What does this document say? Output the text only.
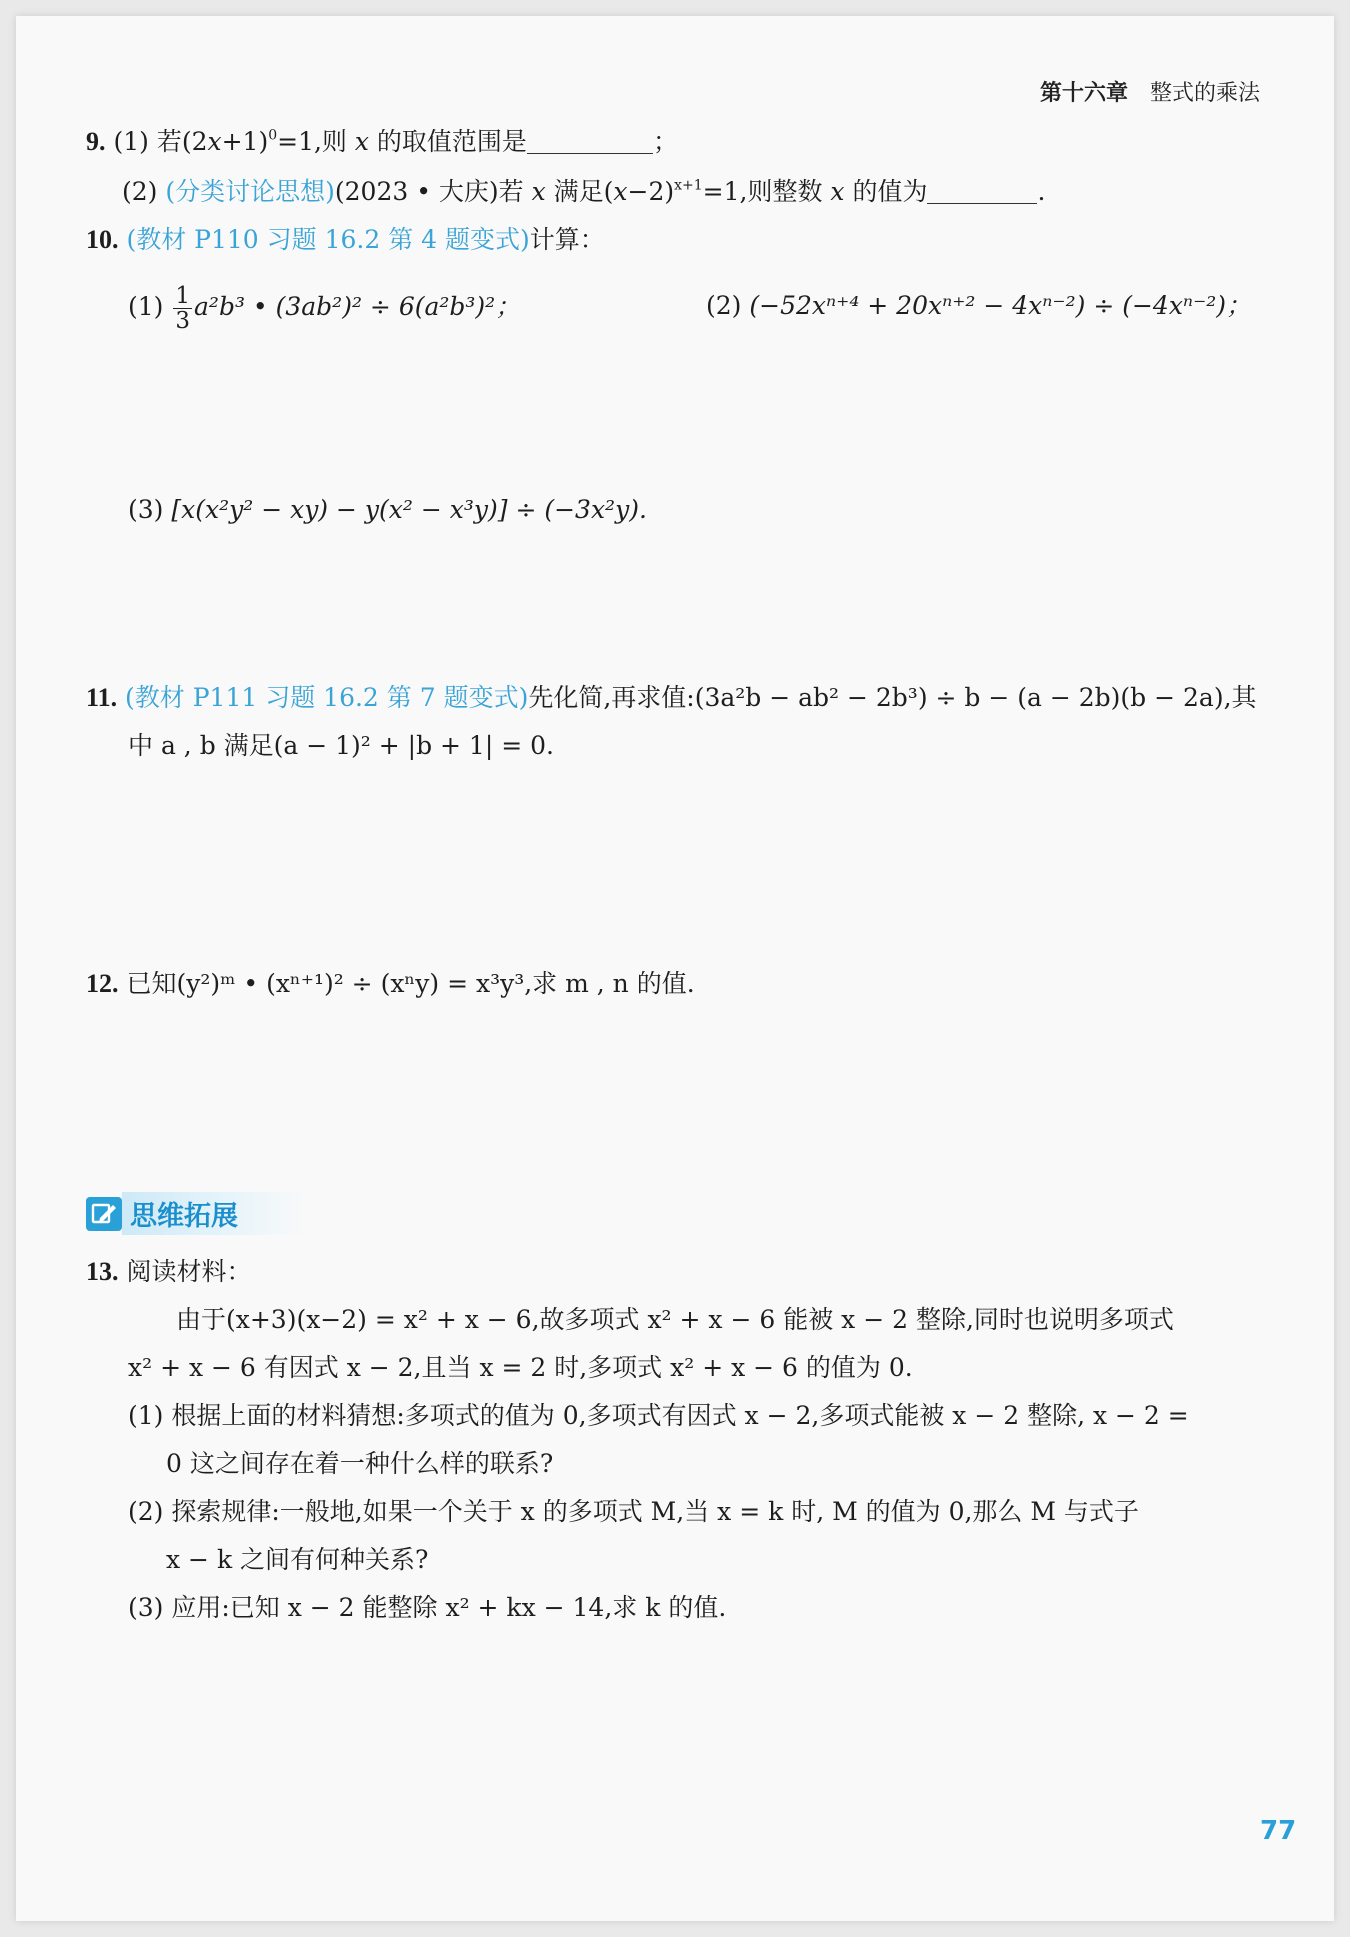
第十六章 整式的乘法
9. (1) 若$(2x+1)^0=1$,则 x 的取值范围是	；
(2) (分类讨论思想)(2023 • 大庆)若 x 满足$(x-2)^{x+1}=1$,则整数 x 的值为	.
10. (教材 P110 习题 16.2 第 4 题变式)计算：
$(1) \frac{1}{3} a^2b^3$ • (3ab²)² ÷ 6(a²b³)²；	(2) (−52xⁿ⁺⁴ + 20xⁿ⁺² − 4xⁿ⁻²) ÷ (−4xⁿ⁻²)；
(3) [x(x²y² − xy) − y(x² − x³y)] ÷ (−3x²y).
11. (教材 P111 习题 16.2 第 7 题变式)先化简,再求值:(3a²b − ab² − 2b³) ÷ b − (a − 2b)(b − 2a),其
中 a , b 满足(a − 1)² + |b + 1| = 0.
12. 已知(y²)ᵐ • (xⁿ⁺¹)² ÷ (xⁿy) = x³y³,求 m , n 的值.
思维拓展
13. 阅读材料：
由于(x+3)(x−2) = x² + x − 6,故多项式 x² + x − 6 能被 x − 2 整除,同时也说明多项式
x² + x − 6 有因式 x − 2,且当 x = 2 时,多项式 x² + x − 6 的值为 0.
(1) 根据上面的材料猜想:多项式的值为 0,多项式有因式 x − 2,多项式能被 x − 2 整除, x − 2 =
0 这之间存在着一种什么样的联系?
(2) 探索规律:一般地,如果一个关于 x 的多项式 M,当 x = k 时, M 的值为 0,那么 M 与式子
x − k 之间有何种关系?
(3) 应用:已知 x − 2 能整除 x² + kx − 14,求 k 的值.
77
